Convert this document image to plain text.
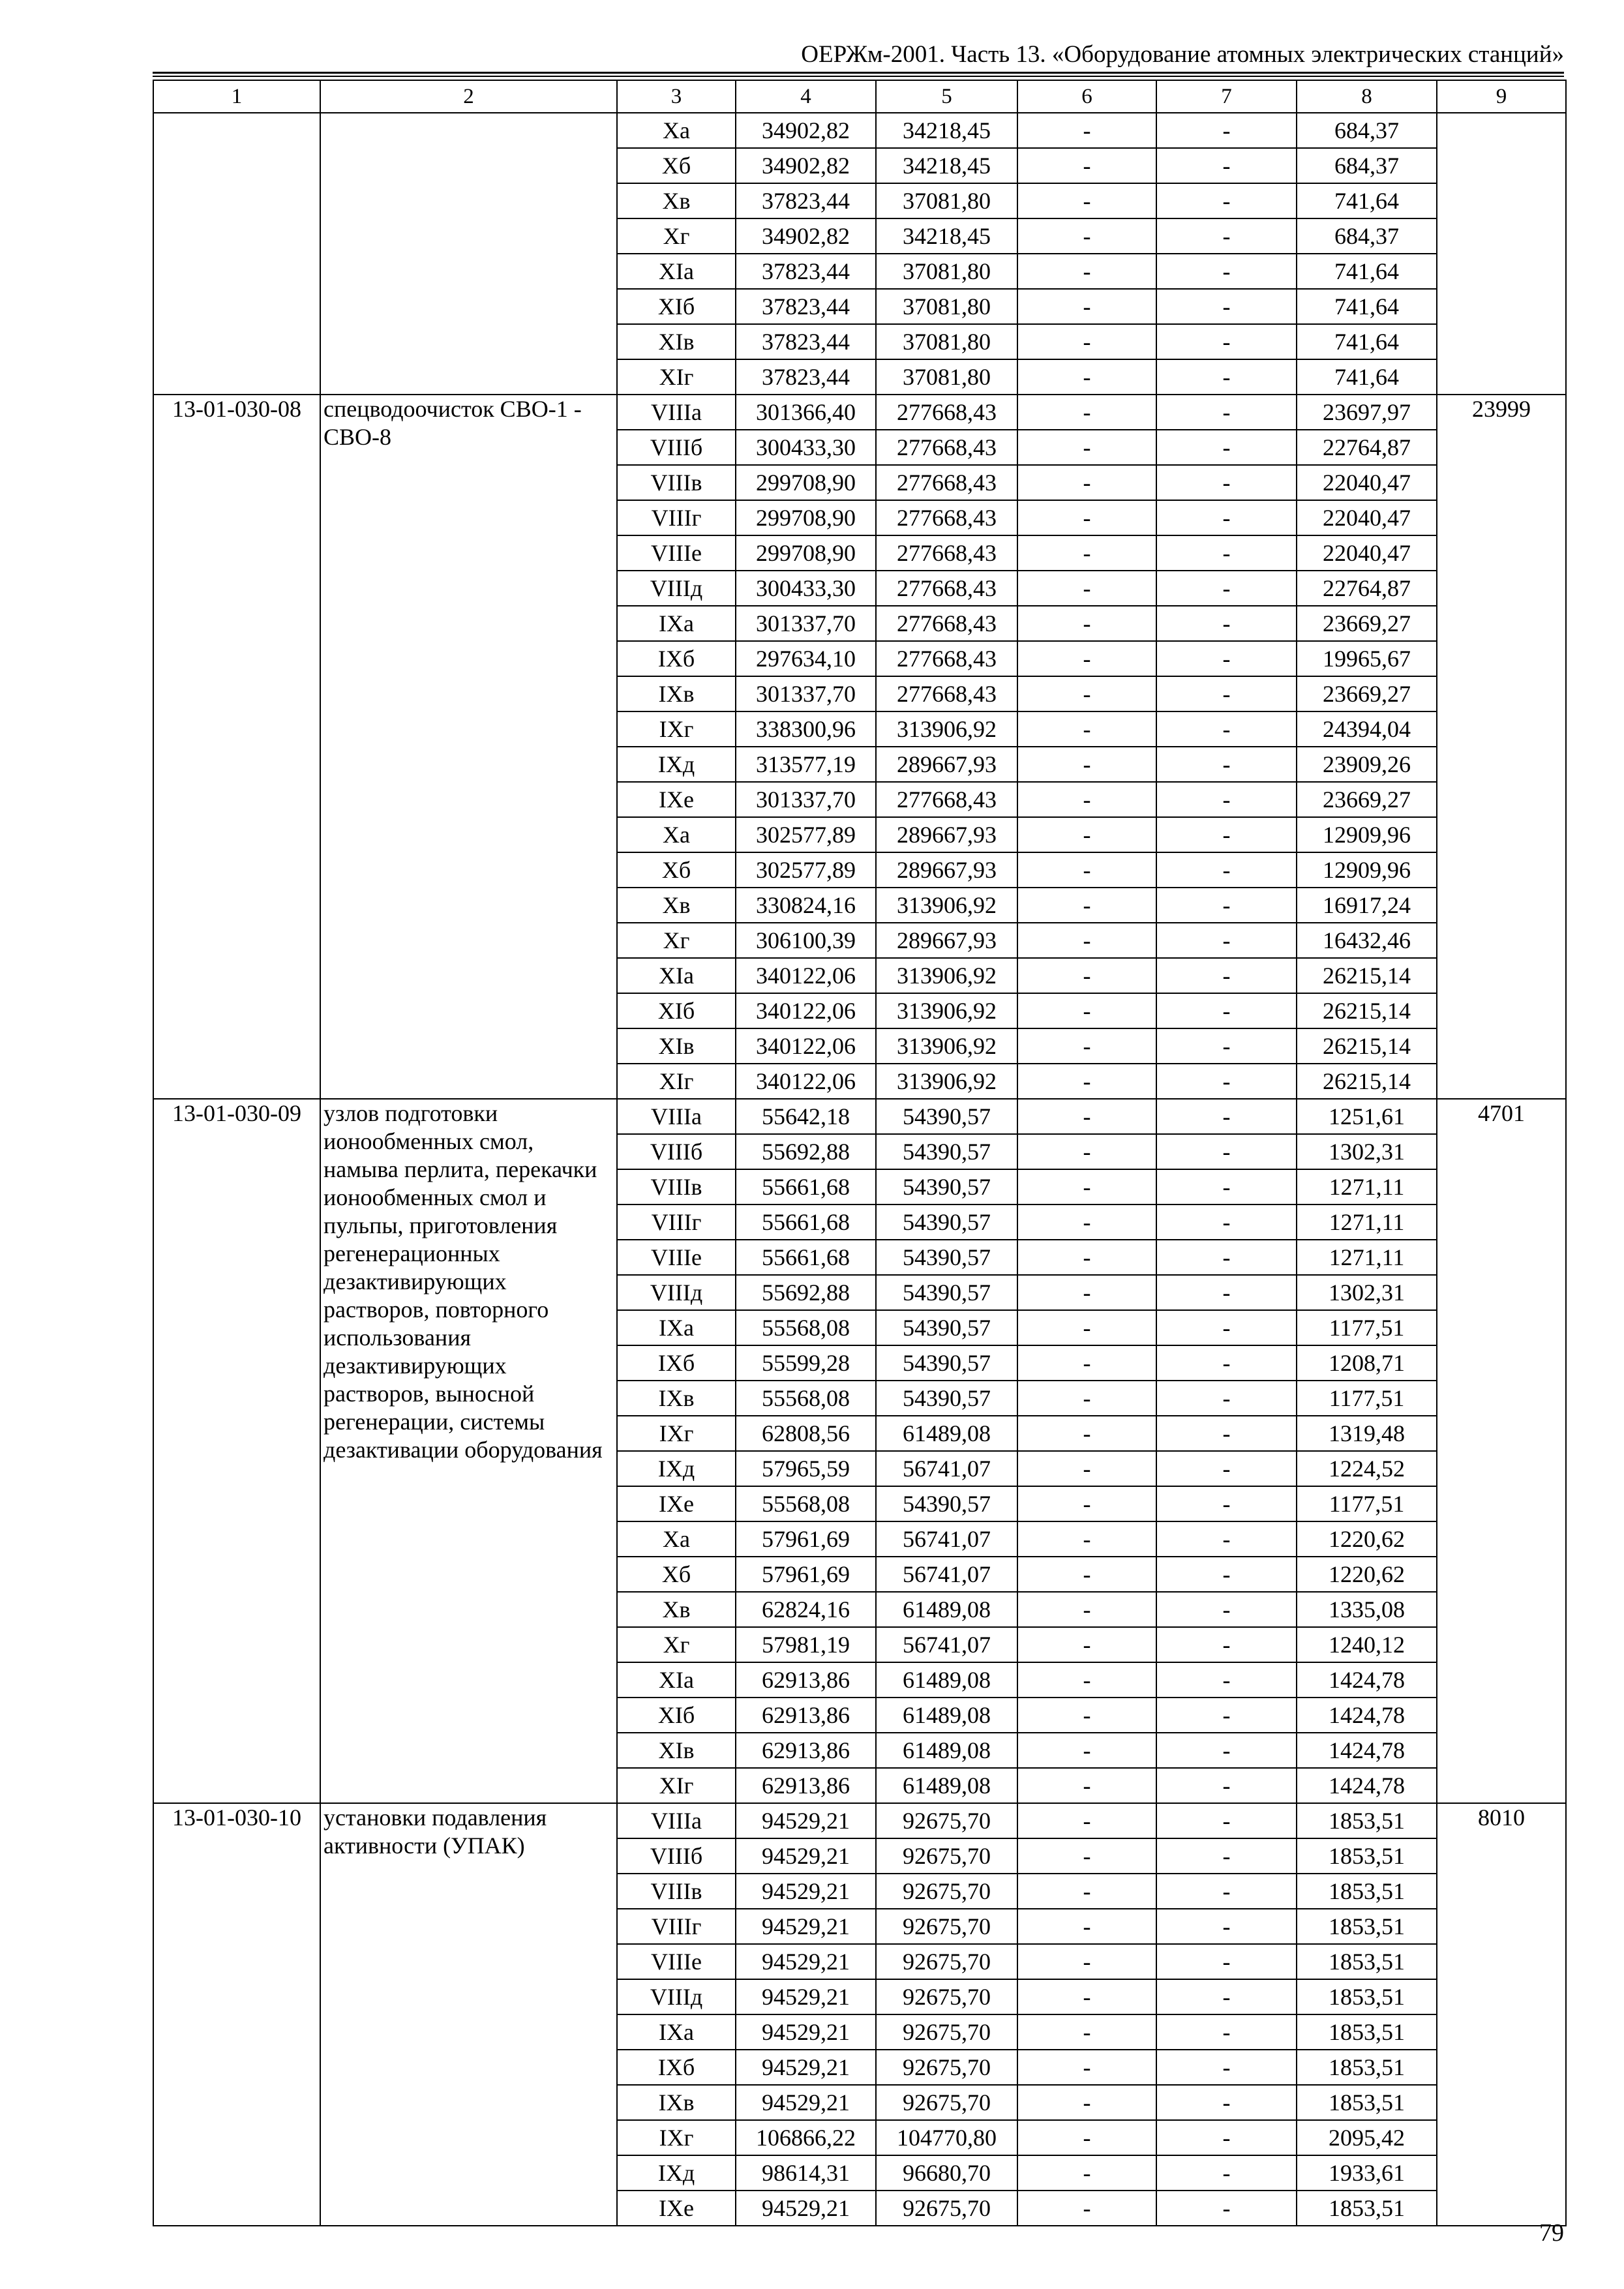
ОЕРЖм-2001. Часть 13. «Оборудование атомных электрических станций»
1	2	3	4	5	6	7	8	9
		Xа	34902,82	34218,45	-	-	684,37	
		Xб	34902,82	34218,45	-	-	684,37	
		Xв	37823,44	37081,80	-	-	741,64	
		Xг	34902,82	34218,45	-	-	684,37	
		XIа	37823,44	37081,80	-	-	741,64	
		XIб	37823,44	37081,80	-	-	741,64	
		XIв	37823,44	37081,80	-	-	741,64	
		XIг	37823,44	37081,80	-	-	741,64	
13-01-030-08	спецводоочисток СВО-1 - СВО-8	VIIIа	301366,40	277668,43	-	-	23697,97	23999
		VIIIб	300433,30	277668,43	-	-	22764,87	
		VIIIв	299708,90	277668,43	-	-	22040,47	
		VIIIг	299708,90	277668,43	-	-	22040,47	
		VIIIе	299708,90	277668,43	-	-	22040,47	
		VIIIд	300433,30	277668,43	-	-	22764,87	
		IXа	301337,70	277668,43	-	-	23669,27	
		IXб	297634,10	277668,43	-	-	19965,67	
		IXв	301337,70	277668,43	-	-	23669,27	
		IXг	338300,96	313906,92	-	-	24394,04	
		IXд	313577,19	289667,93	-	-	23909,26	
		IXе	301337,70	277668,43	-	-	23669,27	
		Xа	302577,89	289667,93	-	-	12909,96	
		Xб	302577,89	289667,93	-	-	12909,96	
		Xв	330824,16	313906,92	-	-	16917,24	
		Xг	306100,39	289667,93	-	-	16432,46	
		XIа	340122,06	313906,92	-	-	26215,14	
		XIб	340122,06	313906,92	-	-	26215,14	
		XIв	340122,06	313906,92	-	-	26215,14	
		XIг	340122,06	313906,92	-	-	26215,14	
13-01-030-09	узлов подготовки ионообменных смол, намыва перлита, перекачки ионообменных смол и пульпы, приготовления регенерационных дезактивирующих растворов, повторного использования дезактивирующих растворов, выносной регенерации, системы дезактивации оборудования	VIIIа	55642,18	54390,57	-	-	1251,61	4701
		VIIIб	55692,88	54390,57	-	-	1302,31	
		VIIIв	55661,68	54390,57	-	-	1271,11	
		VIIIг	55661,68	54390,57	-	-	1271,11	
		VIIIе	55661,68	54390,57	-	-	1271,11	
		VIIIд	55692,88	54390,57	-	-	1302,31	
		IXа	55568,08	54390,57	-	-	1177,51	
		IXб	55599,28	54390,57	-	-	1208,71	
		IXв	55568,08	54390,57	-	-	1177,51	
		IXг	62808,56	61489,08	-	-	1319,48	
		IXд	57965,59	56741,07	-	-	1224,52	
		IXе	55568,08	54390,57	-	-	1177,51	
		Xа	57961,69	56741,07	-	-	1220,62	
		Xб	57961,69	56741,07	-	-	1220,62	
		Xв	62824,16	61489,08	-	-	1335,08	
		Xг	57981,19	56741,07	-	-	1240,12	
		XIа	62913,86	61489,08	-	-	1424,78	
		XIб	62913,86	61489,08	-	-	1424,78	
		XIв	62913,86	61489,08	-	-	1424,78	
		XIг	62913,86	61489,08	-	-	1424,78	
13-01-030-10	установки подавления активности (УПАК)	VIIIа	94529,21	92675,70	-	-	1853,51	8010
		VIIIб	94529,21	92675,70	-	-	1853,51	
		VIIIв	94529,21	92675,70	-	-	1853,51	
		VIIIг	94529,21	92675,70	-	-	1853,51	
		VIIIе	94529,21	92675,70	-	-	1853,51	
		VIIIд	94529,21	92675,70	-	-	1853,51	
		IXа	94529,21	92675,70	-	-	1853,51	
		IXб	94529,21	92675,70	-	-	1853,51	
		IXв	94529,21	92675,70	-	-	1853,51	
		IXг	106866,22	104770,80	-	-	2095,42	
		IXд	98614,31	96680,70	-	-	1933,61	
		IXе	94529,21	92675,70	-	-	1853,51	
79
